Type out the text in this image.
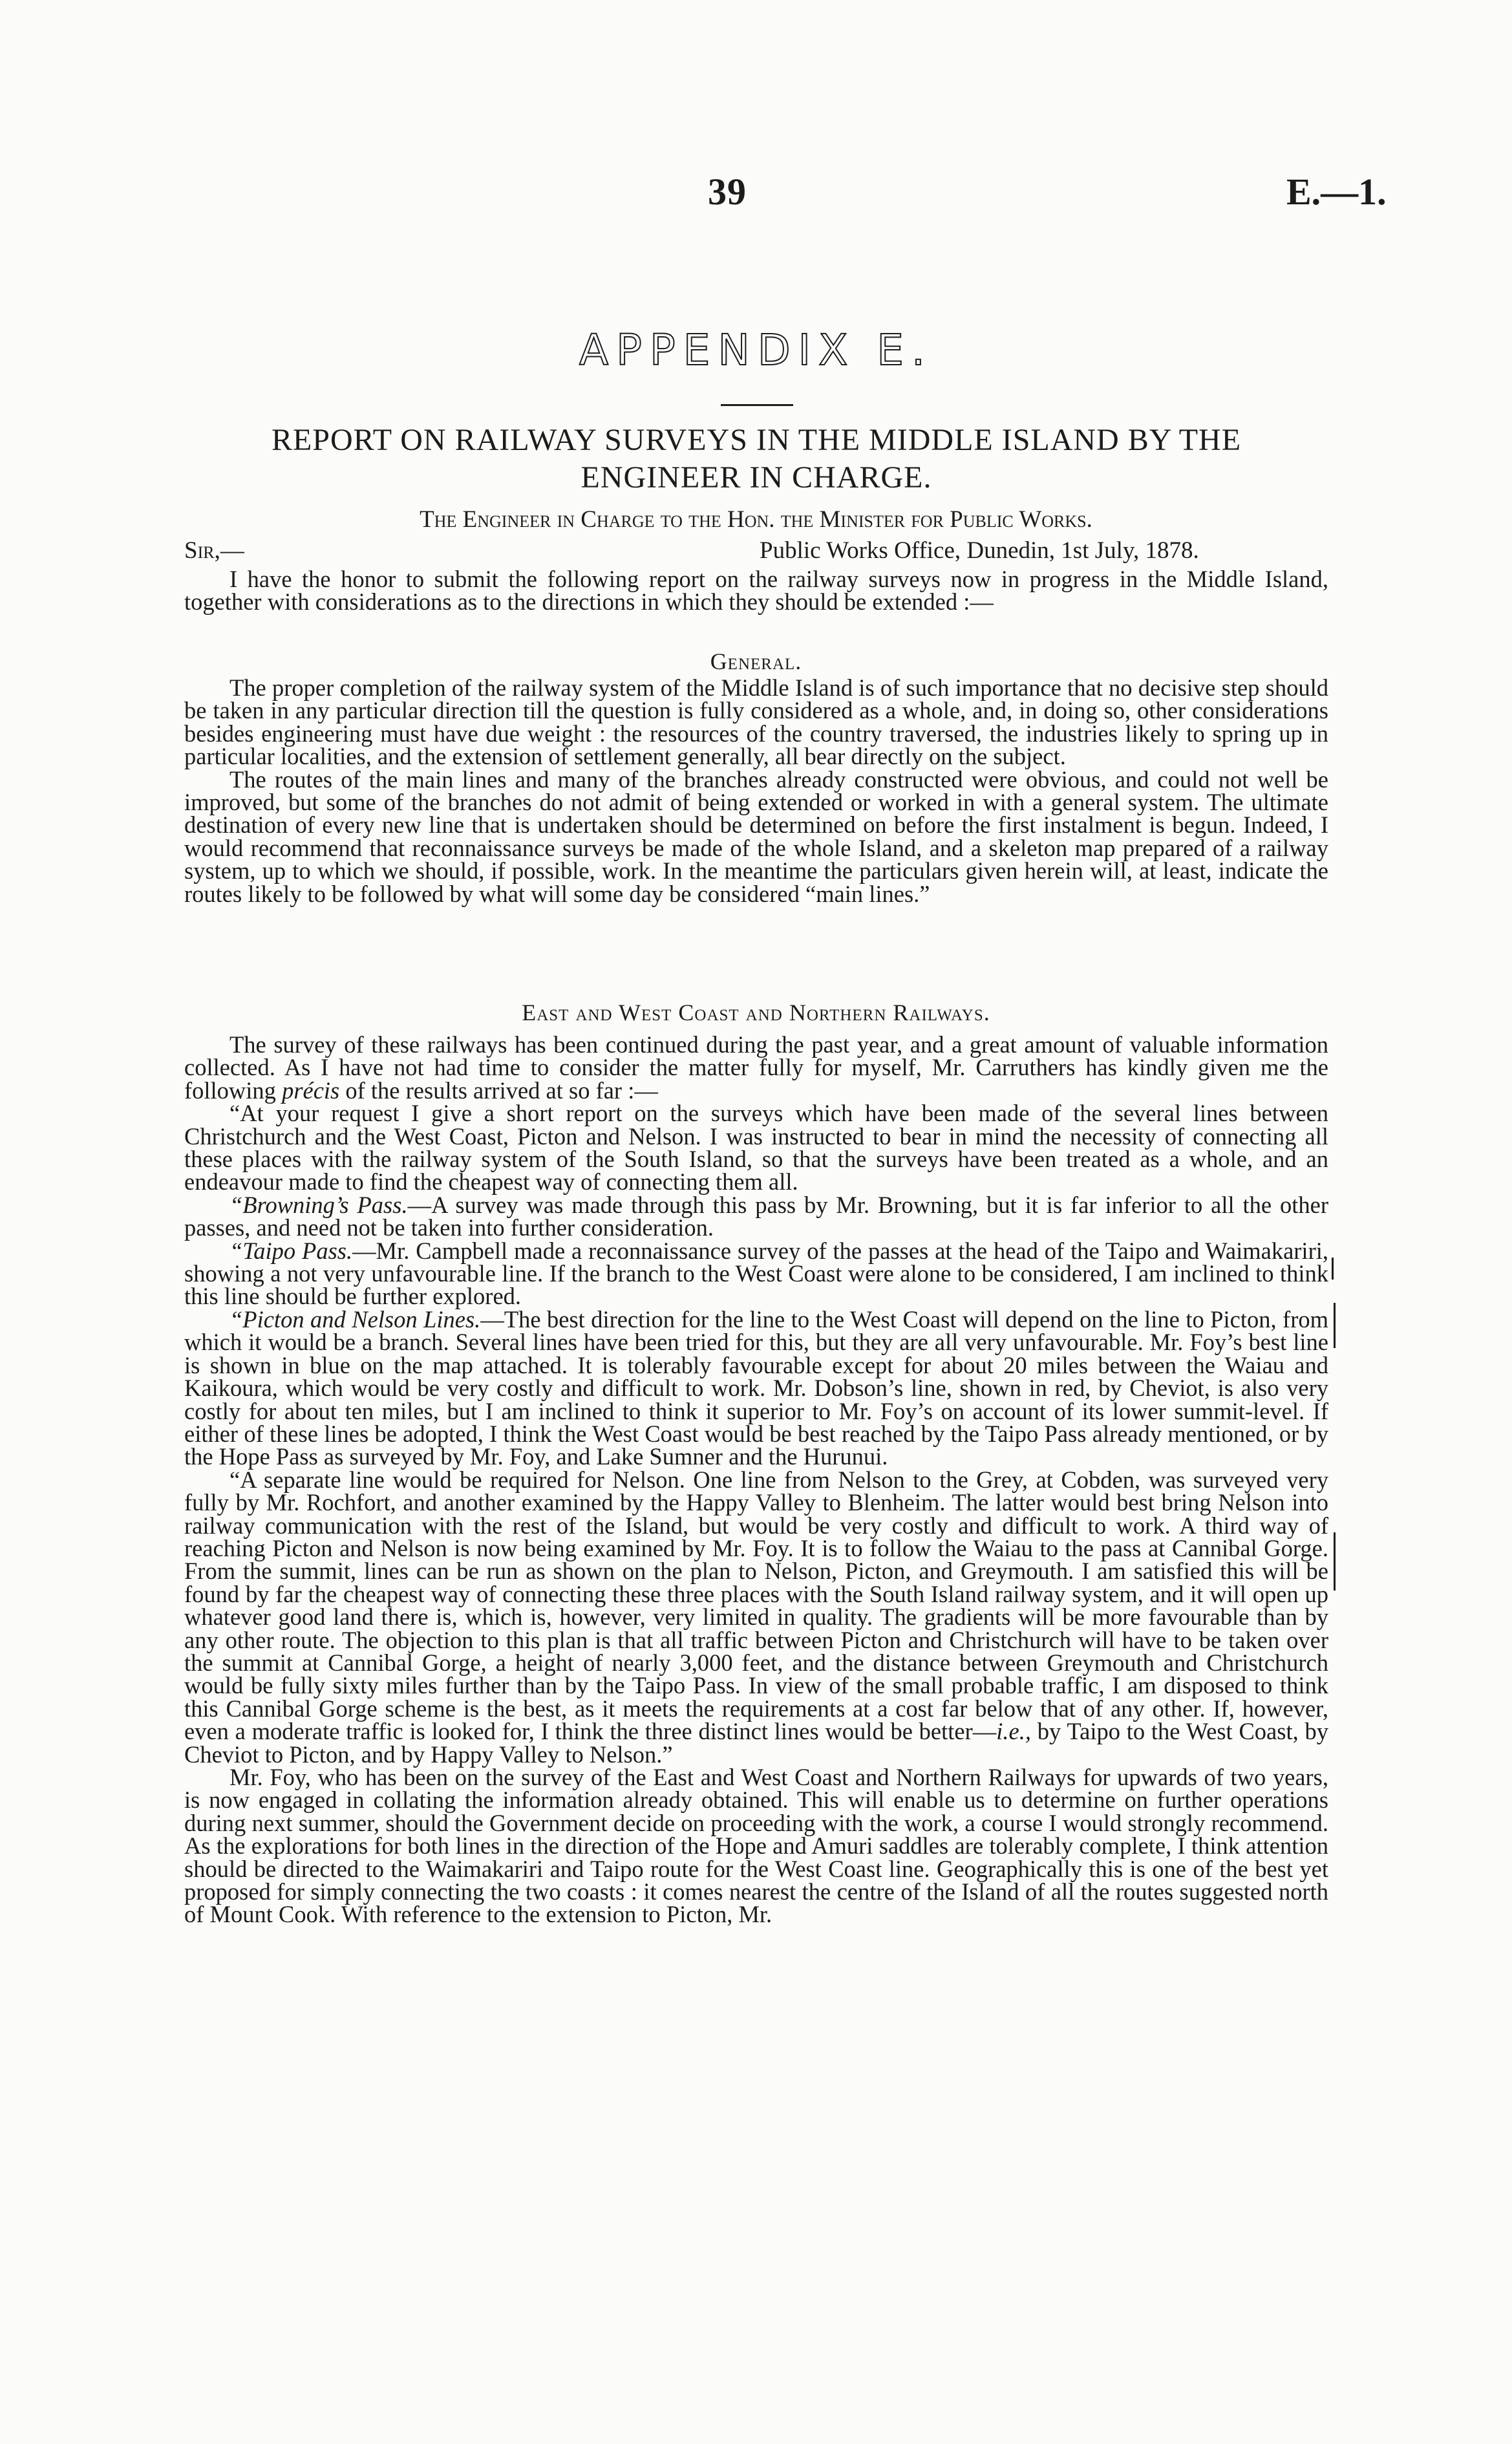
39	E.—1.
APPENDIX E.
REPORT ON RAILWAY SURVEYS IN THE MIDDLE ISLAND BY THE ENGINEER IN CHARGE.
The Engineer in Charge to the Hon. the Minister for Public Works.
Sir,—	Public Works Office, Dunedin, 1st July, 1878.

I have the honor to submit the following report on the railway surveys now in progress in the Middle Island, together with considerations as to the directions in which they should be extended :—

General.

The proper completion of the railway system of the Middle Island is of such importance that no decisive step should be taken in any particular direction till the question is fully considered as a whole, and, in doing so, other considerations besides engineering must have due weight : the resources of the country traversed, the industries likely to spring up in particular localities, and the extension of settlement generally, all bear directly on the subject.

The routes of the main lines and many of the branches already constructed were obvious, and could not well be improved, but some of the branches do not admit of being extended or worked in with a general system. The ultimate destination of every new line that is undertaken should be determined on before the first instalment is begun. Indeed, I would recommend that reconnaissance surveys be made of the whole Island, and a skeleton map prepared of a railway system, up to which we should, if possible, work. In the meantime the particulars given herein will, at least, indicate the routes likely to be followed by what will some day be considered “main lines.”

East and West Coast and Northern Railways.

The survey of these railways has been continued during the past year, and a great amount of valuable information collected. As I have not had time to consider the matter fully for myself, Mr. Carruthers has kindly given me the following précis of the results arrived at so far :—

“At your request I give a short report on the surveys which have been made of the several lines between Christchurch and the West Coast, Picton and Nelson. I was instructed to bear in mind the necessity of connecting all these places with the railway system of the South Island, so that the surveys have been treated as a whole, and an endeavour made to find the cheapest way of connecting them all.

“Browning’s Pass.—A survey was made through this pass by Mr. Browning, but it is far inferior to all the other passes, and need not be taken into further consideration.

“Taipo Pass.—Mr. Campbell made a reconnaissance survey of the passes at the head of the Taipo and Waimakariri, showing a not very unfavourable line. If the branch to the West Coast were alone to be considered, I am inclined to think this line should be further explored.

“Picton and Nelson Lines.—The best direction for the line to the West Coast will depend on the line to Picton, from which it would be a branch. Several lines have been tried for this, but they are all very unfavourable. Mr. Foy’s best line is shown in blue on the map attached. It is tolerably favourable except for about 20 miles between the Waiau and Kaikoura, which would be very costly and difficult to work. Mr. Dobson’s line, shown in red, by Cheviot, is also very costly for about ten miles, but I am inclined to think it superior to Mr. Foy’s on account of its lower summit-level. If either of these lines be adopted, I think the West Coast would be best reached by the Taipo Pass already mentioned, or by the Hope Pass as surveyed by Mr. Foy, and Lake Sumner and the Hurunui.

“A separate line would be required for Nelson. One line from Nelson to the Grey, at Cobden, was surveyed very fully by Mr. Rochfort, and another examined by the Happy Valley to Blenheim. The latter would best bring Nelson into railway communication with the rest of the Island, but would be very costly and difficult to work. A third way of reaching Picton and Nelson is now being examined by Mr. Foy. It is to follow the Waiau to the pass at Cannibal Gorge. From the summit, lines can be run as shown on the plan to Nelson, Picton, and Greymouth. I am satisfied this will be found by far the cheapest way of connecting these three places with the South Island railway system, and it will open up whatever good land there is, which is, however, very limited in quality. The gradients will be more favourable than by any other route. The objection to this plan is that all traffic between Picton and Christchurch will have to be taken over the summit at Cannibal Gorge, a height of nearly 3,000 feet, and the distance between Greymouth and Christchurch would be fully sixty miles further than by the Taipo Pass. In view of the small probable traffic, I am disposed to think this Cannibal Gorge scheme is the best, as it meets the requirements at a cost far below that of any other. If, however, even a moderate traffic is looked for, I think the three distinct lines would be better—i.e., by Taipo to the West Coast, by Cheviot to Picton, and by Happy Valley to Nelson.”

Mr. Foy, who has been on the survey of the East and West Coast and Northern Railways for upwards of two years, is now engaged in collating the information already obtained. This will enable us to determine on further operations during next summer, should the Government decide on proceeding with the work, a course I would strongly recommend. As the explorations for both lines in the direction of the Hope and Amuri saddles are tolerably complete, I think attention should be directed to the Waimakariri and Taipo route for the West Coast line. Geographically this is one of the best yet proposed for simply connecting the two coasts : it comes nearest the centre of the Island of all the routes suggested north of Mount Cook. With reference to the extension to Picton, Mr.
